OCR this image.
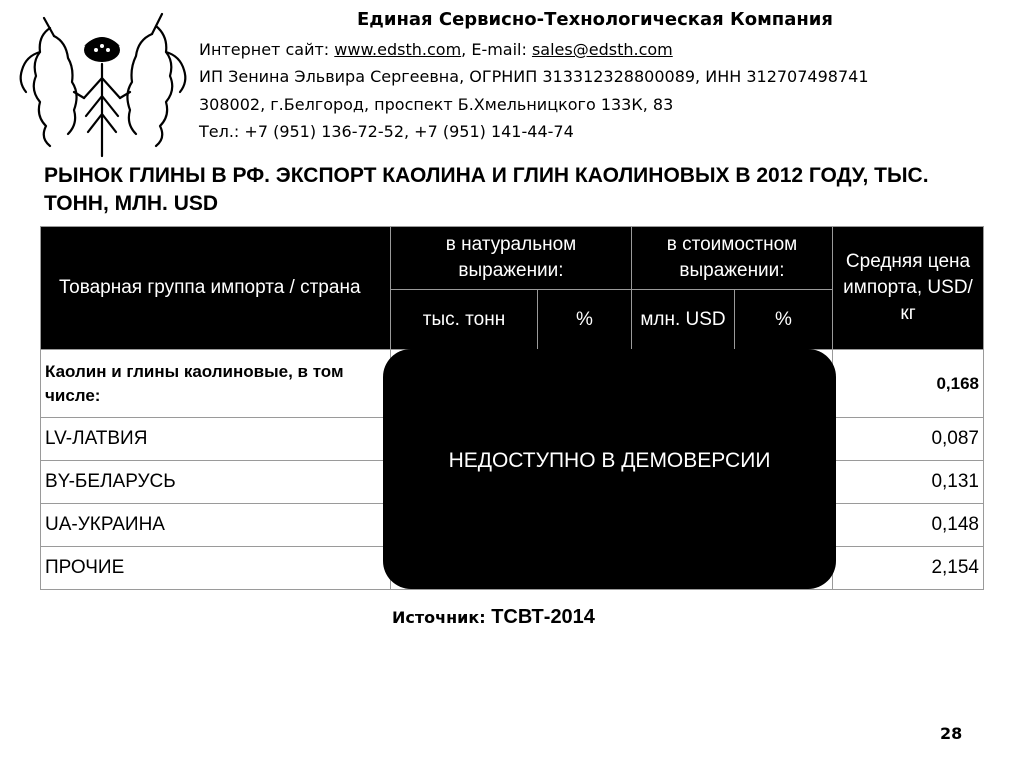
Единая Сервисно-Технологическая Компания
Интернет сайт: www.edsth.com, E-mail: sales@edsth.com
ИП Зенина Эльвира Сергеевна, ОГРНИП 313312328800089, ИНН 312707498741
308002, г.Белгород, проспект Б.Хмельницкого 133К, 83
Тел.: +7 (951) 136-72-52, +7 (951) 141-44-74
РЫНОК ГЛИНЫ В РФ. ЭКСПОРТ КАОЛИНА И ГЛИН КАОЛИНОВЫХ В 2012 ГОДУ, ТЫС. ТОНН, МЛН. USD
Товарная группа импорта / страна	в натуральном выражении:		в стоимостном выражении:		Средняя цена импорта, USD/кг
	тыс. тонн	%	млн. USD	%	
Каолин и глины каолиновые, в том числе:					0,168
LV-ЛАТВИЯ					0,087
BY-БЕЛАРУСЬ					0,131
UA-УКРАИНА					0,148
ПРОЧИЕ					2,154
НЕДОСТУПНО В ДЕМОВЕРСИИ
Источник: ТСВТ-2014
28
